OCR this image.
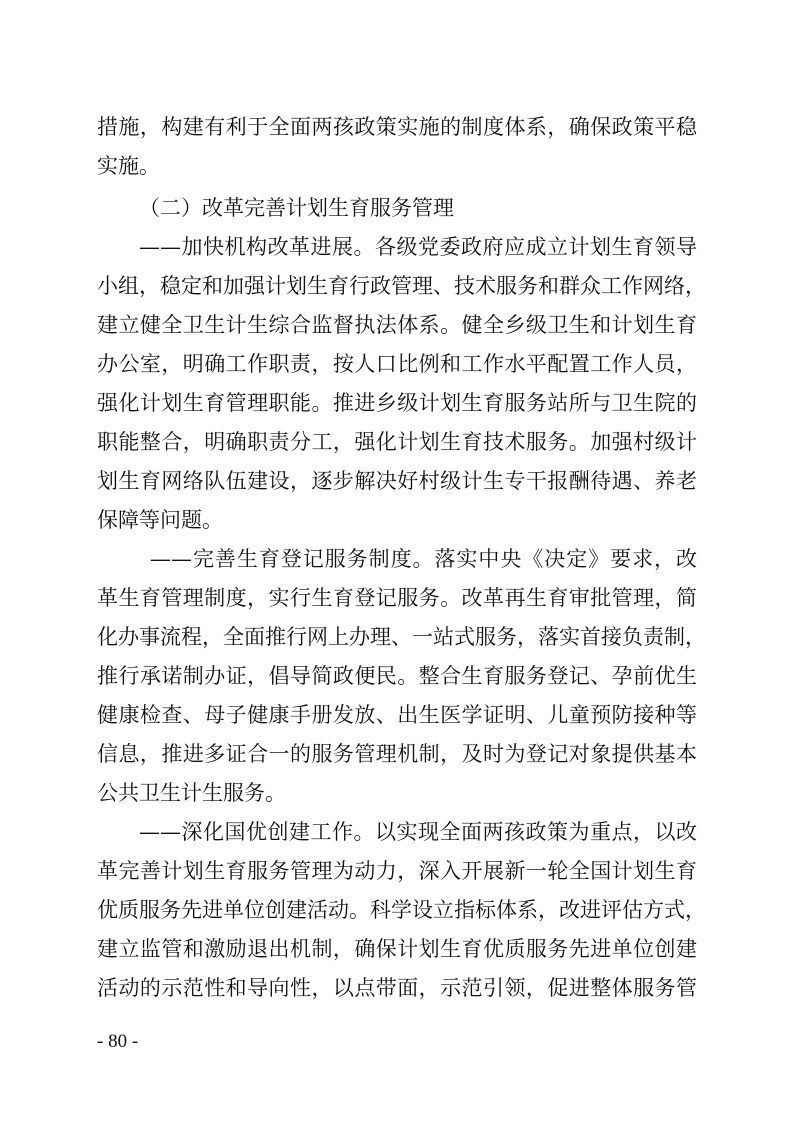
措施，构建有利于全面两孩政策实施的制度体系，确保政策平稳
实施。
（二）改革完善计划生育服务管理
——加快机构改革进展。各级党委政府应成立计划生育领导
小组，稳定和加强计划生育行政管理、技术服务和群众工作网络，
建立健全卫生计生综合监督执法体系。健全乡级卫生和计划生育
办公室，明确工作职责，按人口比例和工作水平配置工作人员，
强化计划生育管理职能。推进乡级计划生育服务站所与卫生院的
职能整合，明确职责分工，强化计划生育技术服务。加强村级计
划生育网络队伍建设，逐步解决好村级计生专干报酬待遇、养老
保障等问题。
——完善生育登记服务制度。落实中央《决定》要求，改
革生育管理制度，实行生育登记服务。改革再生育审批管理，简
化办事流程，全面推行网上办理、一站式服务，落实首接负责制，
推行承诺制办证，倡导简政便民。整合生育服务登记、孕前优生
健康检查、母子健康手册发放、出生医学证明、儿童预防接种等
信息，推进多证合一的服务管理机制，及时为登记对象提供基本
公共卫生计生服务。
——深化国优创建工作。以实现全面两孩政策为重点，以改
革完善计划生育服务管理为动力，深入开展新一轮全国计划生育
优质服务先进单位创建活动。科学设立指标体系，改进评估方式，
建立监管和激励退出机制，确保计划生育优质服务先进单位创建
活动的示范性和导向性，以点带面，示范引领，促进整体服务管
- 80 -
